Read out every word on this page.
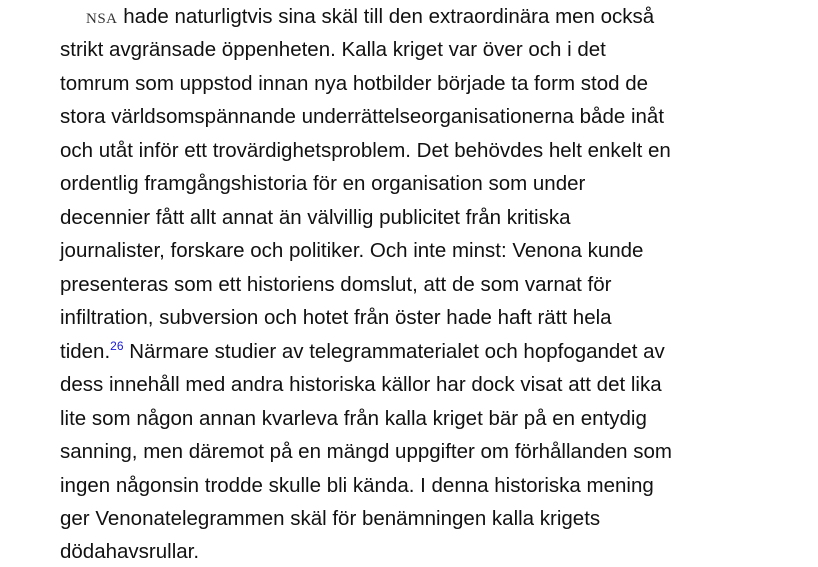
NSA hade naturligtvis sina skäl till den extraordinära men också
strikt avgränsade öppenheten. Kalla kriget var över och i det
tomrum som uppstod innan nya hotbilder började ta form stod de
stora världsomspännande underrättelseorganisationerna både inåt
och utåt inför ett trovärdighetsproblem. Det behövdes helt enkelt en
ordentlig framgångshistoria för en organisation som under
decennier fått allt annat än välvillig publicitet från kritiska
journalister, forskare och politiker. Och inte minst: Venona kunde
presenteras som ett historiens domslut, att de som varnat för
infiltration, subversion och hotet från öster hade haft rätt hela
tiden.$^{26}$ Närmare studier av telegrammaterialet och hopfogandet av
dess innehåll med andra historiska källor har dock visat att det lika
lite som någon annan kvarleva från kalla kriget bär på en entydig
sanning, men däremot på en mängd uppgifter om förhållanden som
ingen någonsin trodde skulle bli kända. I denna historiska mening
ger Venonatelegrammen skäl för benämningen kalla krigets
dödahavsrullar.
